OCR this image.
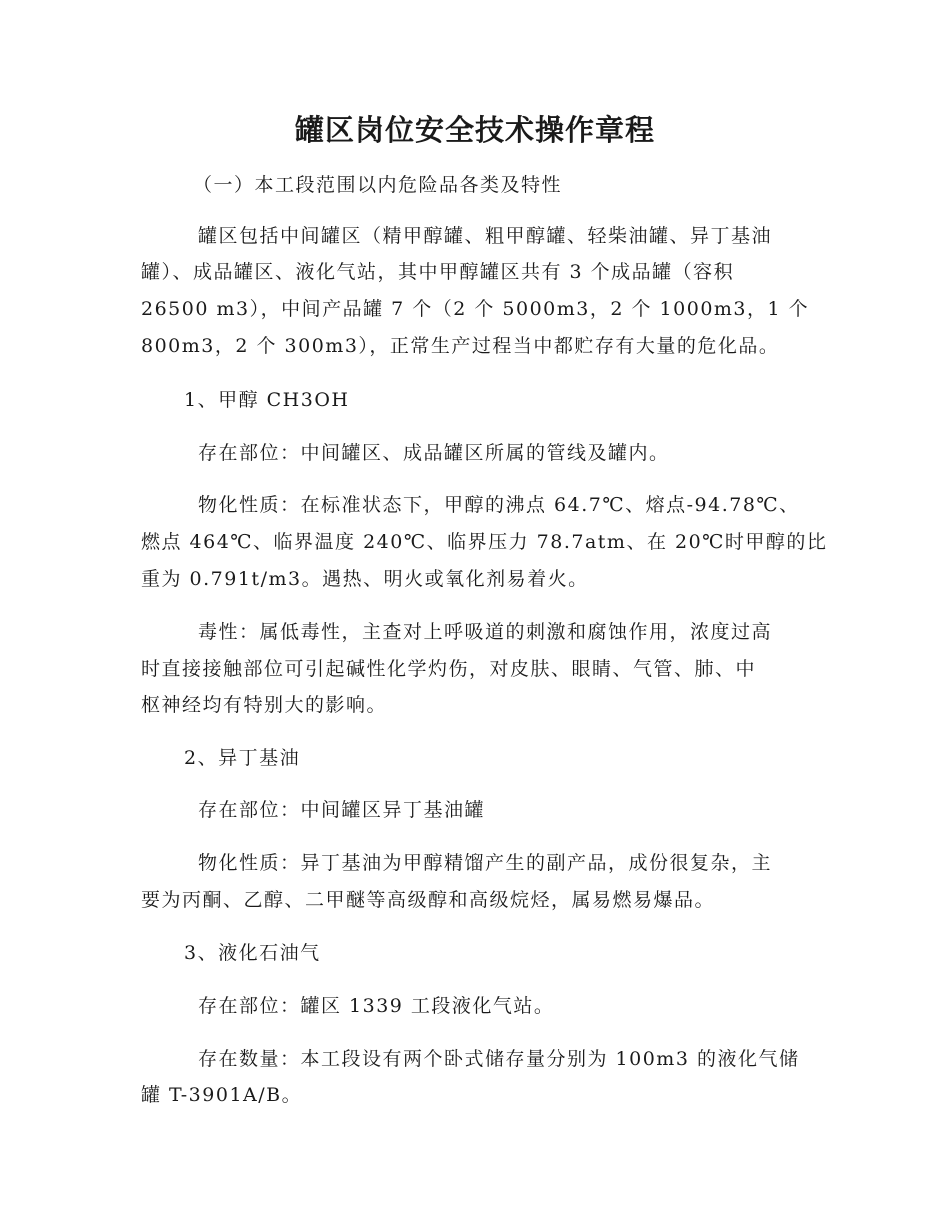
罐区岗位安全技术操作章程
（一）本工段范围以内危险品各类及特性
罐区包括中间罐区（精甲醇罐、粗甲醇罐、轻柴油罐、异丁基油
罐）、成品罐区、液化气站，其中甲醇罐区共有 3 个成品罐（容积
26500 m3），中间产品罐 7 个（2 个 5000m3，2 个 1000m3，1 个
800m3，2 个 300m3），正常生产过程当中都贮存有大量的危化品。
1、甲醇 CH3OH
存在部位：中间罐区、成品罐区所属的管线及罐内。
物化性质：在标准状态下，甲醇的沸点 64.7℃、熔点-94.78℃、
燃点 464℃、临界温度 240℃、临界压力 78.7atm、在 20℃时甲醇的比
重为 0.791t/m3。遇热、明火或氧化剂易着火。
毒性：属低毒性，主查对上呼吸道的刺激和腐蚀作用，浓度过高
时直接接触部位可引起碱性化学灼伤，对皮肤、眼睛、气管、肺、中
枢神经均有特别大的影响。
2、异丁基油
存在部位：中间罐区异丁基油罐
物化性质：异丁基油为甲醇精馏产生的副产品，成份很复杂，主
要为丙酮、乙醇、二甲醚等高级醇和高级烷烃，属易燃易爆品。
3、液化石油气
存在部位：罐区 1339 工段液化气站。
存在数量：本工段设有两个卧式储存量分别为 100m3 的液化气储
罐 T-3901A/B。
